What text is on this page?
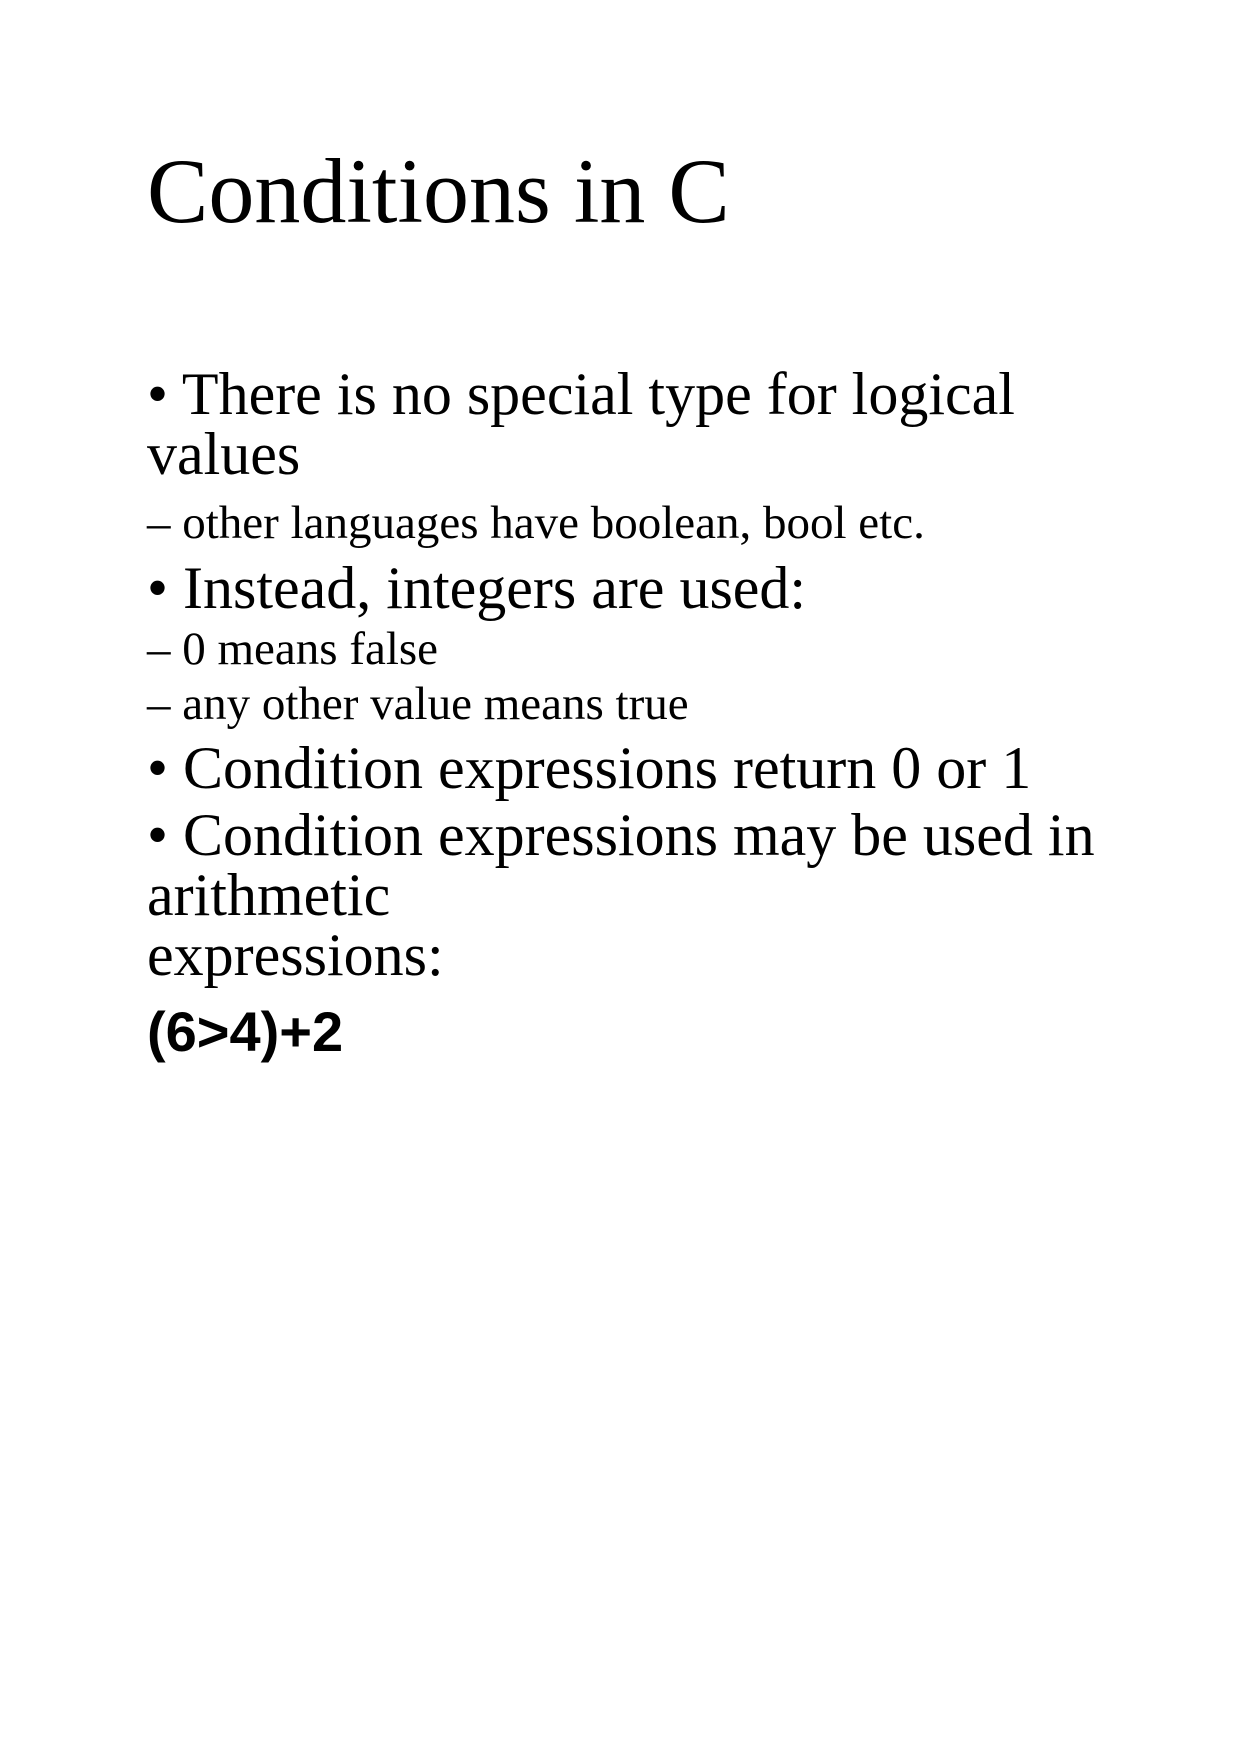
Conditions in C
• There is no special type for logical
values
– other languages have boolean, bool etc.
• Instead, integers are used:
– 0 means false
– any other value means true
• Condition expressions return 0 or 1
• Condition expressions may be used in
arithmetic
expressions:
(6>4)+2
